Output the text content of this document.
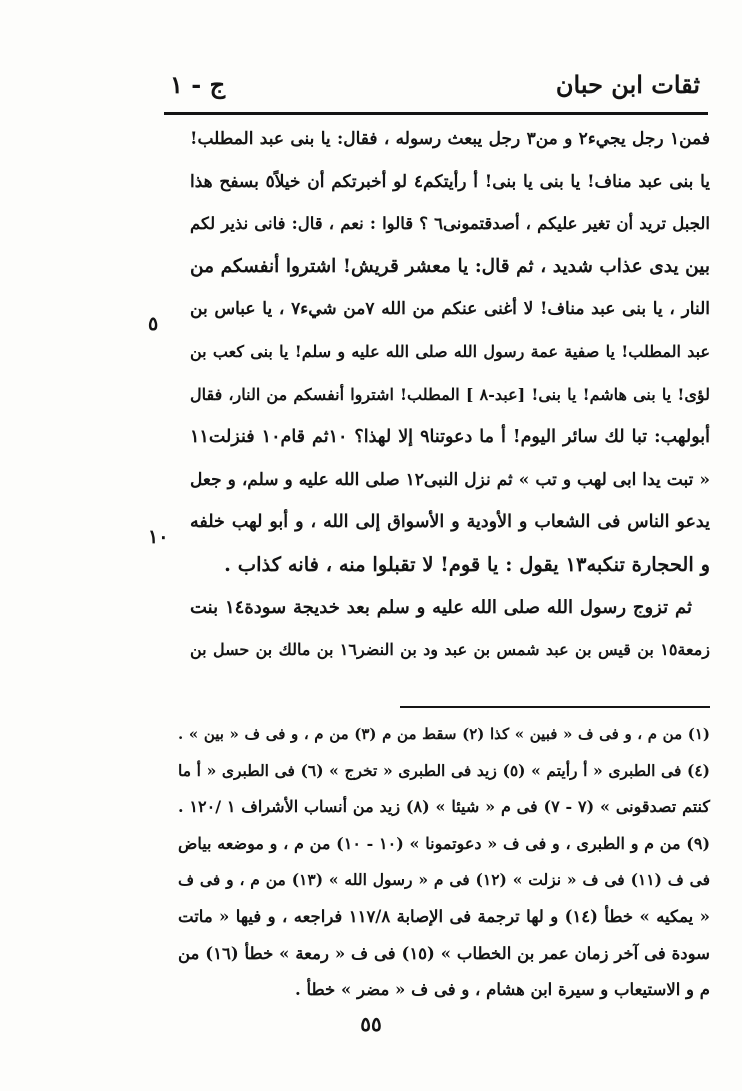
ثقات ابن حبان
ج - ١
فمن١ رجل يجيء٢ و من٣ رجل يبعث رسوله ، فقال: يا بنى عبد المطلب!
يا بنى عبد مناف! يا بنى يا بنى! أ رأيتكم٤ لو أخبرتكم أن خيلاً٥ بسفح هذا
الجبل تريد أن تغير عليكم ، أصدقتمونى٦ ؟ قالوا : نعم ، قال: فانى نذير لكم
بين يدى عذاب شديد ، ثم قال: يا معشر قريش! اشتروا أنفسكم من
النار ، يا بنى عبد مناف! لا أغنى عنكم من الله ٧من شيء٧ ، يا عباس بن
عبد المطلب! يا صفية عمة رسول الله صلى الله عليه و سلم! يا بنى كعب بن
لؤى! يا بنى هاشم! يا بنى! [عبد-٨ ] المطلب! اشتروا أنفسكم من النار، فقال
أبولهب: تبا لك سائر اليوم! أ ما دعوتنا٩ إلا لهذا؟ ١٠ثم قام١٠ فنزلت١١
« تبت يدا ابى لهب و تب » ثم نزل النبى١٢ صلى الله عليه و سلم، و جعل
يدعو الناس فى الشعاب و الأودية و الأسواق إلى الله ، و أبو لهب خلفه
و الحجارة تنكبه١٣ يقول : يا قوم! لا تقبلوا منه ، فانه كذاب .
ثم تزوج رسول الله صلى الله عليه و سلم بعد خديجة سودة١٤ بنت
زمعة١٥ بن قيس بن عبد شمس بن عبد ود بن النضر١٦ بن مالك بن حسل بن
٥
١٠
(١) من م ، و فى ف « فبين » كذا (٢) سقط من م (٣) من م ، و فى ف « بين » .
(٤) فى الطبرى « أ رأيتم » (٥) زيد فى الطبرى « تخرج » (٦) فى الطبرى « أ ما
كنتم تصدقونى » (٧ - ٧) فى م « شيئا » (٨) زيد من أنساب الأشراف ١ /١٢٠ .
(٩) من م و الطبرى ، و فى ف « دعوتمونا » (١٠ - ١٠) من م ، و موضعه بياض
فى ف (١١) فى ف « نزلت » (١٢) فى م « رسول الله » (١٣) من م ، و فى ف
« يمكيه » خطأ (١٤) و لها ترجمة فى الإصابة ١١٧/٨ فراجعه ، و فيها « ماتت
سودة فى آخر زمان عمر بن الخطاب » (١٥) فى ف « رمعة » خطأ (١٦) من
م و الاستيعاب و سيرة ابن هشام ، و فى ف « مضر » خطأ .
٥٥
